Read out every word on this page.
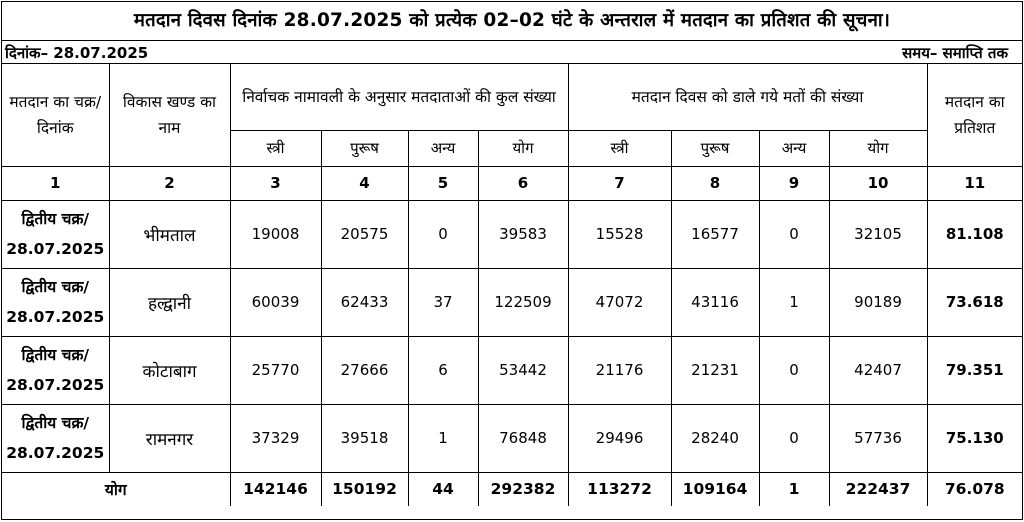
मतदान दिवस दिनांक 28.07.2025 को प्रत्येक 02–02 घंटे के अन्तराल में मतदान का प्रतिशत की सूचना।
दिनांक– 28.07.2025	समय– समाप्ति तक
मतदान का चक्र/दिनांक	विकास खण्ड का नाम	निर्वाचक नामावली के अनुसार मतदाताओं की कुल संख्या				मतदान दिवस को डाले गये मतों की संख्या				मतदान का प्रतिशत
		स्त्री	पुरूष	अन्य	योग	स्त्री	पुरूष	अन्य	योग	
1	2	3	4	5	6	7	8	9	10	11

द्वितीय चक्र/
28.07.2025	भीमताल	19008	20575	0	39583	15528	16577	0	32105	81.108

द्वितीय चक्र/
28.07.2025	हल्द्वानी	60039	62433	37	122509	47072	43116	1	90189	73.618

द्वितीय चक्र/
28.07.2025	कोटाबाग	25770	27666	6	53442	21176	21231	0	42407	79.351

द्वितीय चक्र/
28.07.2025	रामनगर	37329	39518	1	76848	29496	28240	0	57736	75.130
योग		142146	150192	44	292382	113272	109164	1	222437	76.078
